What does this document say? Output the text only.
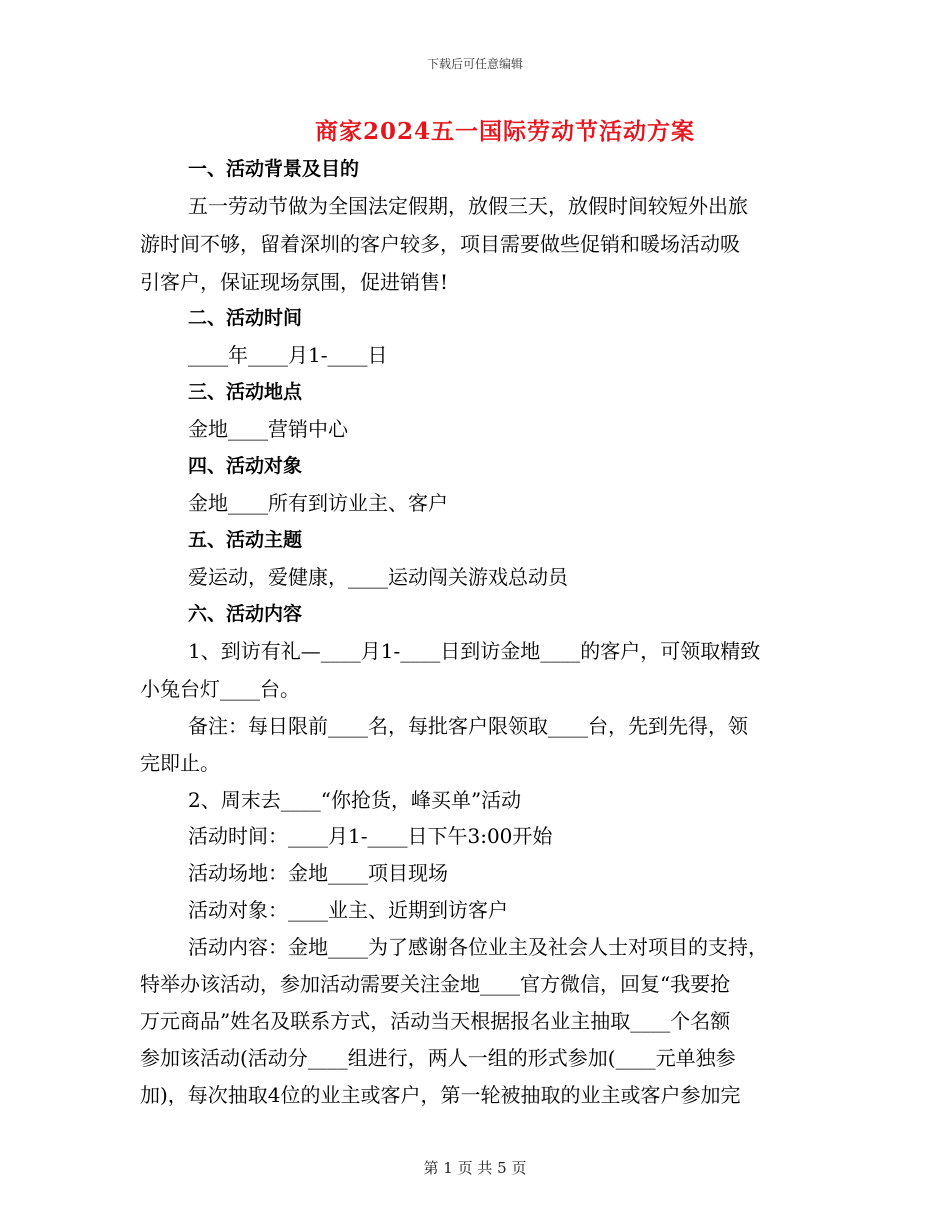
下载后可任意编辑
商家2024五一国际劳动节活动方案
一、活动背景及目的
五一劳动节做为全国法定假期，放假三天，放假时间较短外出旅
游时间不够，留着深圳的客户较多，项目需要做些促销和暖场活动吸
引客户，保证现场氛围，促进销售!
二、活动时间
____年____月1-____日
三、活动地点
金地____营销中心
四、活动对象
金地____所有到访业主、客户
五、活动主题
爱运动，爱健康，____运动闯关游戏总动员
六、活动内容
1、到访有礼—____月1-____日到访金地____的客户，可领取精致
小兔台灯____台。
备注：每日限前____名，每批客户限领取____台，先到先得，领
完即止。
2、周末去____“你抢货，峰买单”活动
活动时间：____月1-____日下午3:00开始
活动场地：金地____项目现场
活动对象：____业主、近期到访客户
活动内容：金地____为了感谢各位业主及社会人士对项目的支持，
特举办该活动，参加活动需要关注金地____官方微信，回复“我要抢
万元商品”姓名及联系方式，活动当天根据报名业主抽取____个名额
参加该活动(活动分____组进行，两人一组的形式参加(____元单独参
加)，每次抽取4位的业主或客户，第一轮被抽取的业主或客户参加完
第 1 页 共 5 页
